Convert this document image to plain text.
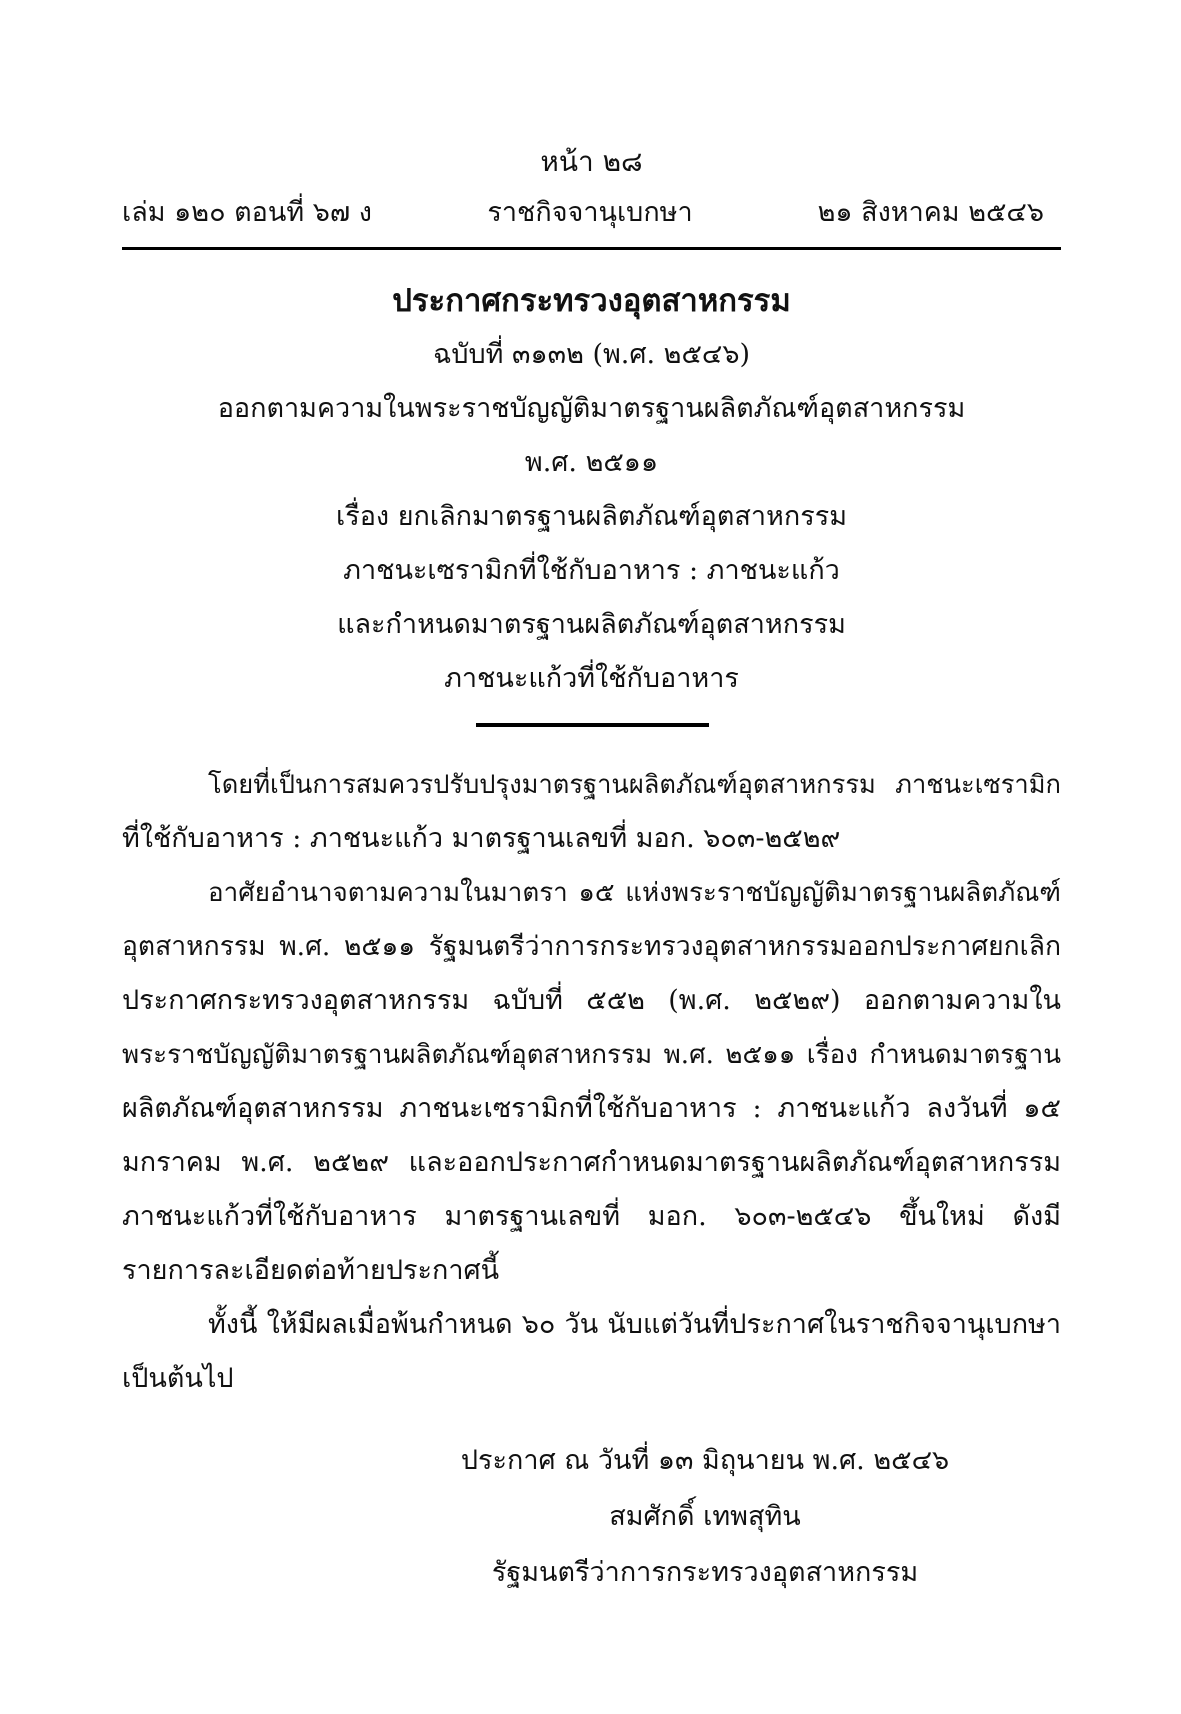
หน้า ๒๘
เล่ม ๑๒๐ ตอนที่ ๖๗ ง	ราชกิจจานุเบกษา	๒๑ สิงหาคม ๒๕๔๖
ประกาศกระทรวงอุตสาหกรรม
ฉบับที่ ๓๑๓๒ (พ.ศ. ๒๕๔๖)
ออกตามความในพระราชบัญญัติมาตรฐานผลิตภัณฑ์อุตสาหกรรม
พ.ศ. ๒๕๑๑
เรื่อง ยกเลิกมาตรฐานผลิตภัณฑ์อุตสาหกรรม
ภาชนะเซรามิกที่ใช้กับอาหาร : ภาชนะแก้ว
และกำหนดมาตรฐานผลิตภัณฑ์อุตสาหกรรม
ภาชนะแก้วที่ใช้กับอาหาร
โดยที่เป็นการสมควรปรับปรุงมาตรฐานผลิตภัณฑ์อุตสาหกรรม ภาชนะเซรามิก
ที่ใช้กับอาหาร : ภาชนะแก้ว มาตรฐานเลขที่ มอก. ๖๐๓-๒๕๒๙
อาศัยอำนาจตามความในมาตรา ๑๕ แห่งพระราชบัญญัติมาตรฐานผลิตภัณฑ์
อุตสาหกรรม พ.ศ. ๒๕๑๑ รัฐมนตรีว่าการกระทรวงอุตสาหกรรมออกประกาศยกเลิก
ประกาศกระทรวงอุตสาหกรรม ฉบับที่ ๕๕๒ (พ.ศ. ๒๕๒๙) ออกตามความใน
พระราชบัญญัติมาตรฐานผลิตภัณฑ์อุตสาหกรรม พ.ศ. ๒๕๑๑ เรื่อง กำหนดมาตรฐาน
ผลิตภัณฑ์อุตสาหกรรม ภาชนะเซรามิกที่ใช้กับอาหาร : ภาชนะแก้ว ลงวันที่ ๑๕
มกราคม พ.ศ. ๒๕๒๙ และออกประกาศกำหนดมาตรฐานผลิตภัณฑ์อุตสาหกรรม
ภาชนะแก้วที่ใช้กับอาหาร มาตรฐานเลขที่ มอก. ๖๐๓-๒๕๔๖ ขึ้นใหม่ ดังมี
รายการละเอียดต่อท้ายประกาศนี้
ทั้งนี้ ให้มีผลเมื่อพ้นกำหนด ๖๐ วัน นับแต่วันที่ประกาศในราชกิจจานุเบกษา
เป็นต้นไป
ประกาศ ณ วันที่ ๑๓ มิถุนายน พ.ศ. ๒๕๔๖
สมศักดิ์ เทพสุทิน
รัฐมนตรีว่าการกระทรวงอุตสาหกรรม
